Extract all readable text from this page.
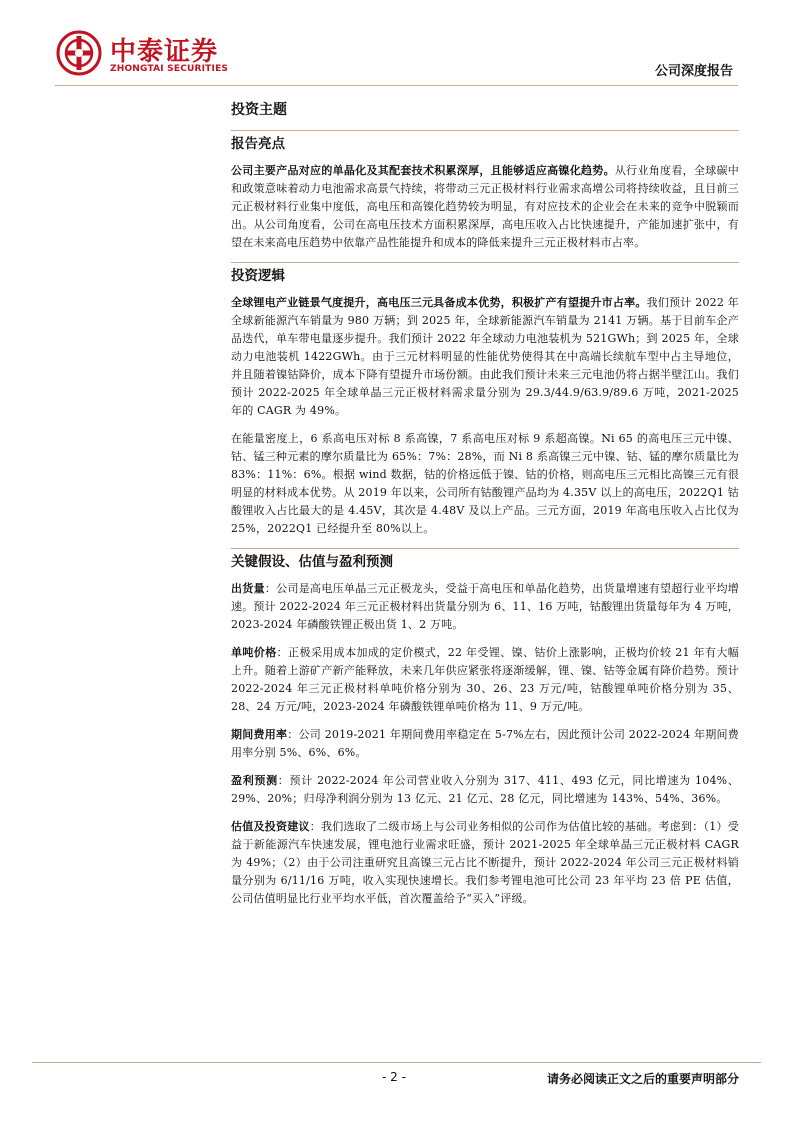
中泰证券
ZHONGTAI SECURITIES	公司深度报告
投资主题
报告亮点

公司主要产品对应的单晶化及其配套技术积累深厚，且能够适应高镍化趋势。从行业角度看，全球碳中和政策意味着动力电池需求高景气持续，将带动三元正极材料行业需求高增公司将持续收益，且目前三元正极材料行业集中度低，高电压和高镍化趋势较为明显，有对应技术的企业会在未来的竞争中脱颖而出。从公司角度看，公司在高电压技术方面积累深厚，高电压收入占比快速提升，产能加速扩张中，有望在未来高电压趋势中依靠产品性能提升和成本的降低来提升三元正极材料市占率。

投资逻辑

全球锂电产业链景气度提升，高电压三元具备成本优势，积极扩产有望提升市占率。我们预计 2022 年全球新能源汽车销量为 980 万辆；到 2025 年，全球新能源汽车销量为 2141 万辆。基于目前车企产品迭代，单车带电量逐步提升。我们预计 2022 年全球动力电池装机为 521GWh；到 2025 年，全球动力电池装机 1422GWh。由于三元材料明显的性能优势使得其在中高端长续航车型中占主导地位，并且随着镍钴降价，成本下降有望提升市场份额。由此我们预计未来三元电池仍将占据半壁江山。我们预计 2022-2025 年全球单晶三元正极材料需求量分别为 29.3/44.9/63.9/89.6 万吨，2021-2025 年的 CAGR 为 49%。

在能量密度上，6 系高电压对标 8 系高镍，7 系高电压对标 9 系超高镍。Ni 65 的高电压三元中镍、钴、锰三种元素的摩尔质量比为 65%：7%：28%，而 Ni 8 系高镍三元中镍、钴、锰的摩尔质量比为 83%：11%：6%。根据 wind 数据，钴的价格远低于镍、钴的价格，则高电压三元相比高镍三元有很明显的材料成本优势。从 2019 年以来，公司所有钴酸锂产品均为 4.35V 以上的高电压，2022Q1 钴酸锂收入占比最大的是 4.45V，其次是 4.48V 及以上产品。三元方面，2019 年高电压收入占比仅为 25%，2022Q1 已经提升至 80%以上。

关键假设、估值与盈利预测

出货量：公司是高电压单晶三元正极龙头，受益于高电压和单晶化趋势，出货量增速有望超行业平均增速。预计 2022-2024 年三元正极材料出货量分别为 6、11、16 万吨，钴酸锂出货量每年为 4 万吨，2023-2024 年磷酸铁锂正极出货 1、2 万吨。

单吨价格：正极采用成本加成的定价模式，22 年受锂、镍、钴价上涨影响，正极均价较 21 年有大幅上升。随着上游矿产新产能释放，未来几年供应紧张将逐渐缓解，锂、镍、钴等金属有降价趋势。预计 2022-2024 年三元正极材料单吨价格分别为 30、26、23 万元/吨，钴酸锂单吨价格分别为 35、28、24 万元/吨，2023-2024 年磷酸铁锂单吨价格为 11、9 万元/吨。

期间费用率：公司 2019-2021 年期间费用率稳定在 5-7%左右，因此预计公司 2022-2024 年期间费用率分别 5%、6%、6%。

盈利预测：预计 2022-2024 年公司营业收入分别为 317、411、493 亿元，同比增速为 104%、29%、20%；归母净利润分别为 13 亿元、21 亿元、28 亿元，同比增速为 143%、54%、36%。

估值及投资建议：我们选取了二级市场上与公司业务相似的公司作为估值比较的基础。考虑到：（1）受益于新能源汽车快速发展，锂电池行业需求旺盛，预计 2021-2025 年全球单晶三元正极材料 CAGR 为 49%；（2）由于公司注重研究且高镍三元占比不断提升，预计 2022-2024 年公司三元正极材料销量分别为 6/11/16 万吨，收入实现快速增长。我们参考锂电池可比公司 23 年平均 23 倍 PE 估值，公司估值明显比行业平均水平低，首次覆盖给予“买入”评级。

- 2 -	请务必阅读正文之后的重要声明部分
